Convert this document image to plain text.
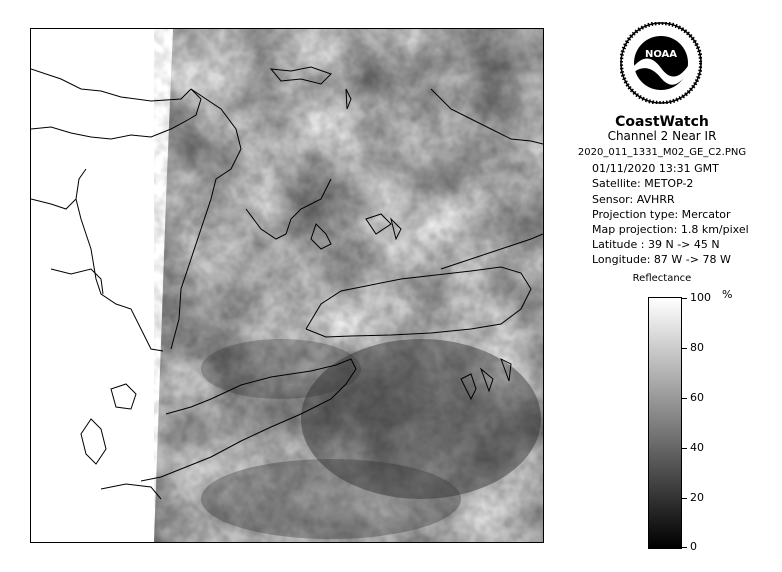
NOAA
CoastWatch
Channel 2 Near IR
2020_011_1331_M02_GE_C2.PNG
01/11/2020 13:31 GMT
Satellite: METOP-2
Sensor: AVHRR
Projection type: Mercator
Map projection: 1.8 km/pixel
Latitude : 39 N -> 45 N
Longitude: 87 W -> 78 W
Reflectance
%
100
80
60
40
20
0
